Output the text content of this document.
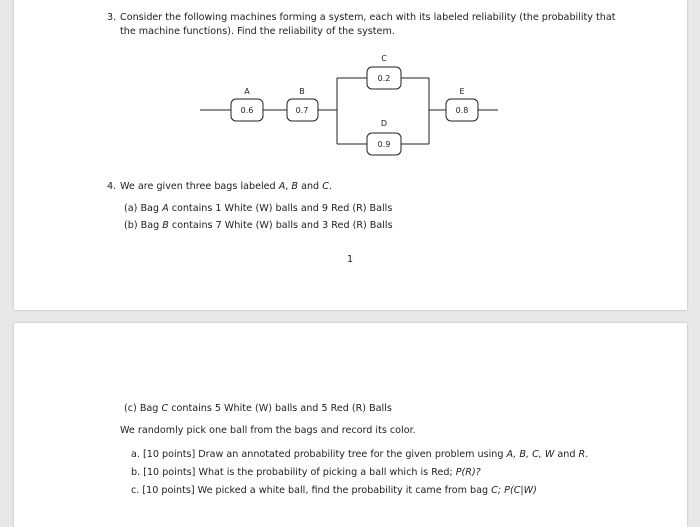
3. Consider the following machines forming a system, each with its labeled reliability (the probability that
the machine functions). Find the reliability of the system.
A
0.6
B
0.7
C
0.2
D
0.9
E
0.8
4. We are given three bags labeled A, B and C.
(a) Bag A contains 1 White (W) balls and 9 Red (R) Balls
(b) Bag B contains 7 White (W) balls and 3 Red (R) Balls
1
(c) Bag C contains 5 White (W) balls and 5 Red (R) Balls
We randomly pick one ball from the bags and record its color.
a. [10 points] Draw an annotated probability tree for the given problem using A, B, C, W and R.
b. [10 points] What is the probability of picking a ball which is Red; P(R)?
c. [10 points] We picked a white ball, find the probability it came from bag C; P(C|W)
